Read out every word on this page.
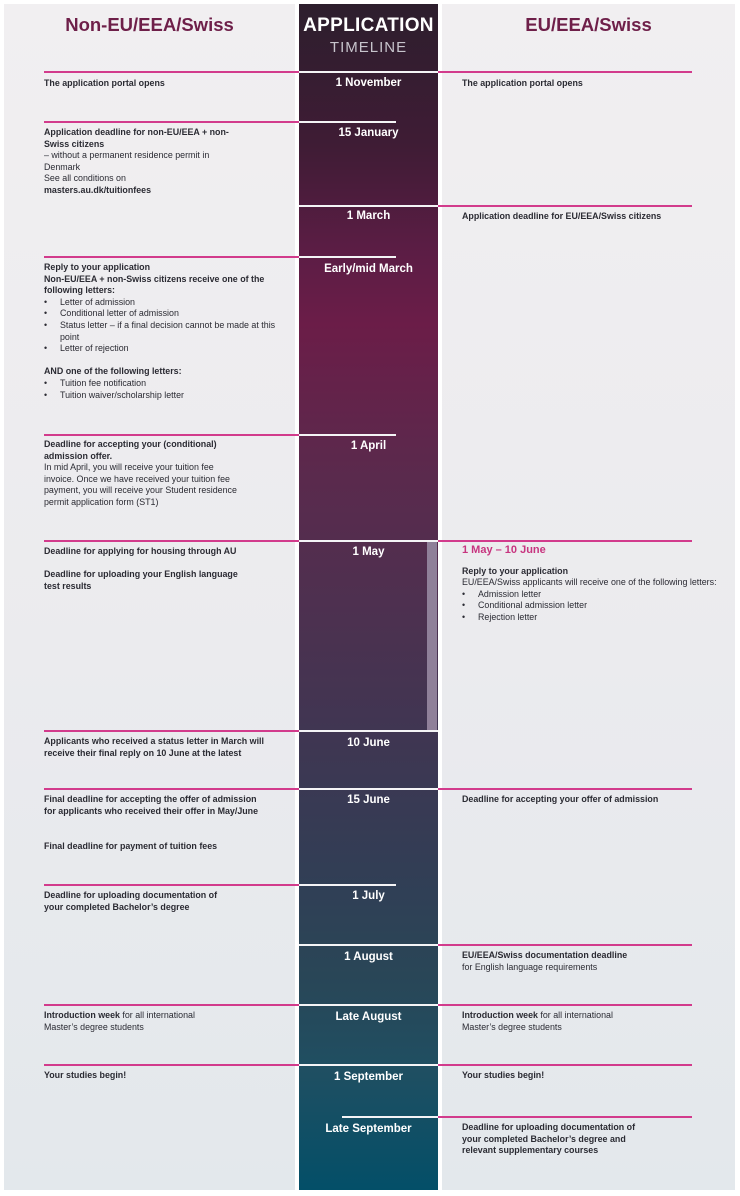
Non-EU/EEA/Swiss	EU/EEA/Swiss
APPLICATION
TIMELINE
1 November
15 January
1 March
Early/mid March
1 April
1 May
10 June
15 June
1 July
1 August
Late August
1 September
Late September
The application portal opens
Application deadline for non-EU/EEA + non-Swiss citizens
– without a permanent residence permit in Denmark
See all conditions on
masters.au.dk/tuitionfees
Reply to your application
Non-EU/EEA + non-Swiss citizens receive one of the following letters:
• Letter of admission
• Conditional letter of admission
• Status letter – if a final decision cannot be made at this point
• Letter of rejection
AND one of the following letters:
• Tuition fee notification
• Tuition waiver/scholarship letter
Deadline for accepting your (conditional) admission offer.
In mid April, you will receive your tuition fee invoice. Once we have received your tuition fee payment, you will receive your Student residence permit application form (ST1)
Deadline for applying for housing through AU
Deadline for uploading your English language test results
Applicants who received a status letter in March will receive their final reply on 10 June at the latest
Final deadline for accepting the offer of admission for applicants who received their offer in May/June
Final deadline for payment of tuition fees
Deadline for uploading documentation of your completed Bachelor’s degree
Introduction week for all international Master’s degree students
Your studies begin!
The application portal opens
Application deadline for EU/EEA/Swiss citizens
1 May – 10 June
Reply to your application
EU/EEA/Swiss applicants will receive one of the following letters:
• Admission letter
• Conditional admission letter
• Rejection letter
Deadline for accepting your offer of admission
EU/EEA/Swiss documentation deadline
for English language requirements
Introduction week for all international Master’s degree students
Your studies begin!
Deadline for uploading documentation of your completed Bachelor’s degree and relevant supplementary courses
